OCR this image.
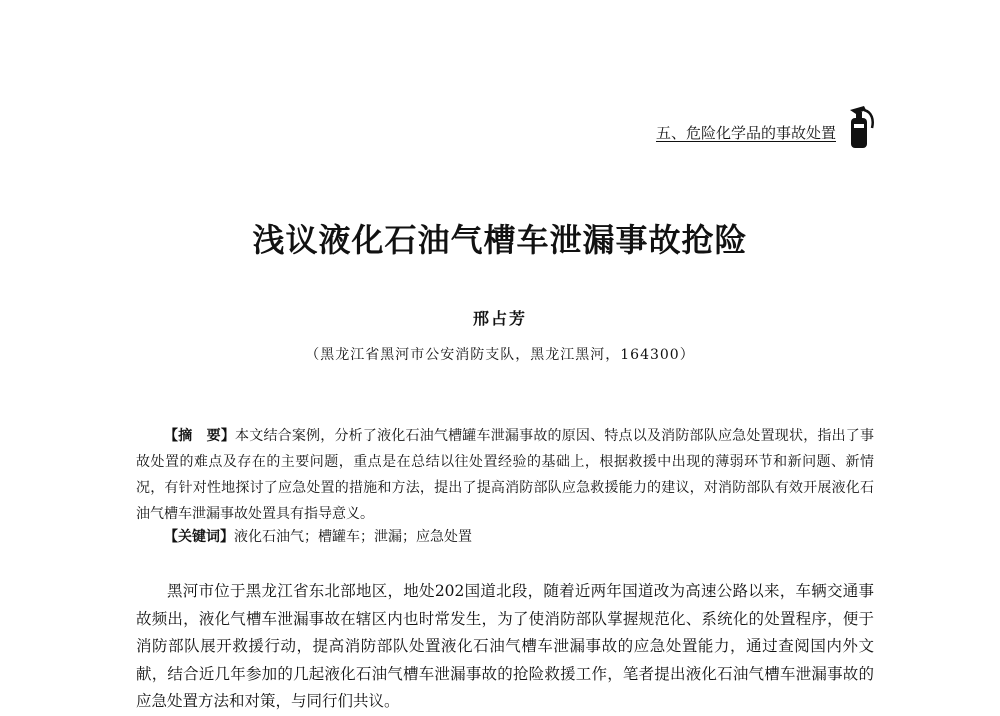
五、危险化学品的事故处置
浅议液化石油气槽车泄漏事故抢险
邢占芳
（黑龙江省黑河市公安消防支队，黑龙江黑河，164300）

【摘　要】本文结合案例，分析了液化石油气槽罐车泄漏事故的原因、特点以及消防部队应急处置现状，指出了事故处置的难点及存在的主要问题，重点是在总结以往处置经验的基础上，根据救援中出现的薄弱环节和新问题、新情况，有针对性地探讨了应急处置的措施和方法，提出了提高消防部队应急救援能力的建议，对消防部队有效开展液化石油气槽车泄漏事故处置具有指导意义。

【关键词】液化石油气；槽罐车；泄漏；应急处置

黑河市位于黑龙江省东北部地区，地处202国道北段，随着近两年国道改为高速公路以来，车辆交通事故频出，液化气槽车泄漏事故在辖区内也时常发生，为了使消防部队掌握规范化、系统化的处置程序，便于消防部队展开救援行动，提高消防部队处置液化石油气槽车泄漏事故的应急处置能力，通过查阅国内外文献，结合近几年参加的几起液化石油气槽车泄漏事故的抢险救援工作，笔者提出液化石油气槽车泄漏事故的应急处置方法和对策，与同行们共议。
